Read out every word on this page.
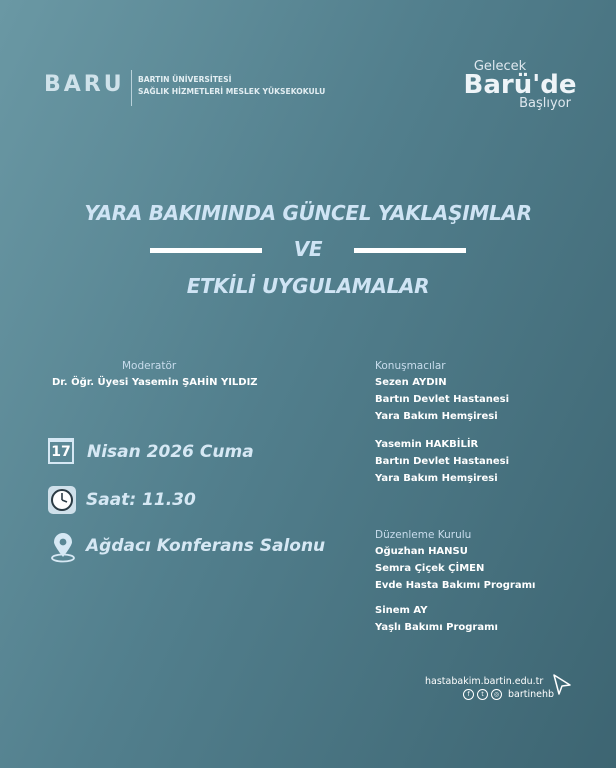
BARU BARTIN ÜNİVERSİTESİ
SAĞLIK HİZMETLERİ MESLEK YÜKSEKOKULU
Gelecek
Barü'de
Başlıyor
YARA BAKIMINDA GÜNCEL YAKLAŞIMLAR
VE
ETKİLİ UYGULAMALAR
Moderatör
Dr. Öğr. Üyesi Yasemin ŞAHİN YILDIZ
17 Nisan 2026 Cuma
Saat: 11.30
Ağdacı Konferans Salonu
Konuşmacılar
Sezen AYDIN
Bartın Devlet Hastanesi
Yara Bakım Hemşiresi
Yasemin HAKBİLİR
Bartın Devlet Hastanesi
Yara Bakım Hemşiresi
Düzenleme Kurulu
Oğuzhan HANSU
Semra Çiçek ÇİMEN
Evde Hasta Bakımı Programı
Sinem AY
Yaşlı Bakımı Programı
hastabakim.bartin.edu.tr
f	t	◎ bartinehb
